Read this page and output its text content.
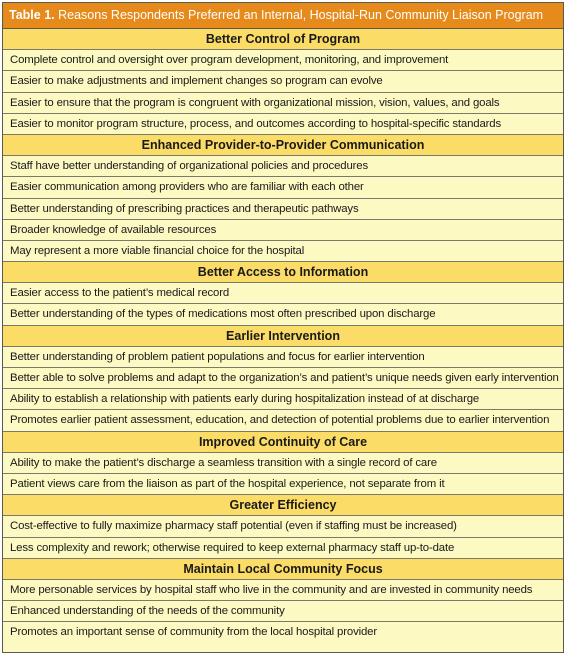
Table 1. Reasons Respondents Preferred an Internal, Hospital-Run Community Liaison Program
Better Control of Program
Complete control and oversight over program development, monitoring, and improvement
Easier to make adjustments and implement changes so program can evolve
Easier to ensure that the program is congruent with organizational mission, vision, values, and goals
Easier to monitor program structure, process, and outcomes according to hospital-specific standards
Enhanced Provider-to-Provider Communication
Staff have better understanding of organizational policies and procedures
Easier communication among providers who are familiar with each other
Better understanding of prescribing practices and therapeutic pathways
Broader knowledge of available resources
May represent a more viable financial choice for the hospital
Better Access to Information
Easier access to the patient’s medical record
Better understanding of the types of medications most often prescribed upon discharge
Earlier Intervention
Better understanding of problem patient populations and focus for earlier intervention
Better able to solve problems and adapt to the organization’s and patient’s unique needs given early intervention
Ability to establish a relationship with patients early during hospitalization instead of at discharge
Promotes earlier patient assessment, education, and detection of potential problems due to earlier intervention
Improved Continuity of Care
Ability to make the patient’s discharge a seamless transition with a single record of care
Patient views care from the liaison as part of the hospital experience, not separate from it
Greater Efficiency
Cost-effective to fully maximize pharmacy staff potential (even if staffing must be increased)
Less complexity and rework; otherwise required to keep external pharmacy staff up-to-date
Maintain Local Community Focus
More personable services by hospital staff who live in the community and are invested in community needs
Enhanced understanding of the needs of the community
Promotes an important sense of community from the local hospital provider
